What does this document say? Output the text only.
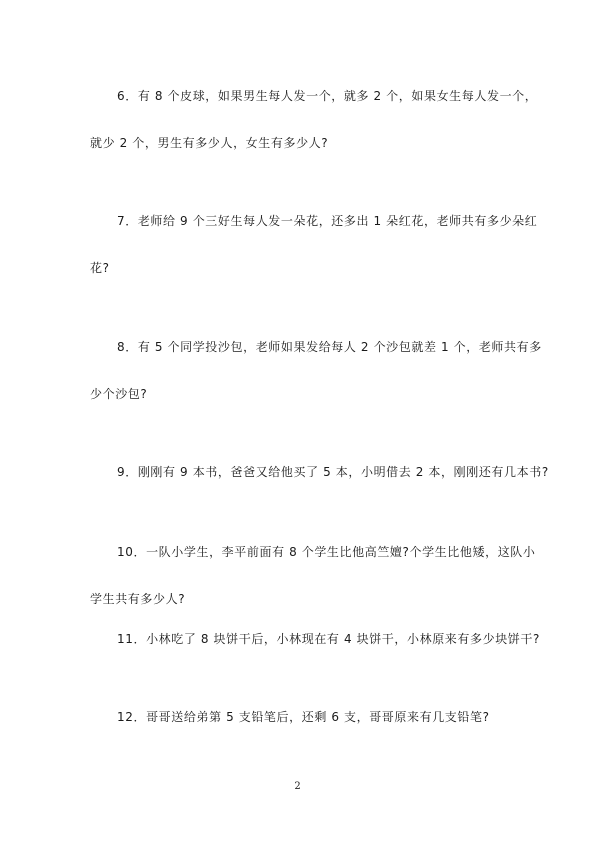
6．有 8 个皮球，如果男生每人发一个，就多 2 个，如果女生每人发一个，
就少 2 个，男生有多少人，女生有多少人?
7．老师给 9 个三好生每人发一朵花，还多出 1 朵红花，老师共有多少朵红
花?
8．有 5 个同学投沙包，老师如果发给每人 2 个沙包就差 1 个，老师共有多
少个沙包?
9．刚刚有 9 本书，爸爸又给他买了 5 本，小明借去 2 本，刚刚还有几本书?
10．一队小学生，李平前面有 8 个学生比他高竺嬗?个学生比他矮，这队小
学生共有多少人?
11．小林吃了 8 块饼干后，小林现在有 4 块饼干，小林原来有多少块饼干?
12．哥哥送给弟第 5 支铅笔后，还剩 6 支，哥哥原来有几支铅笔?
2
